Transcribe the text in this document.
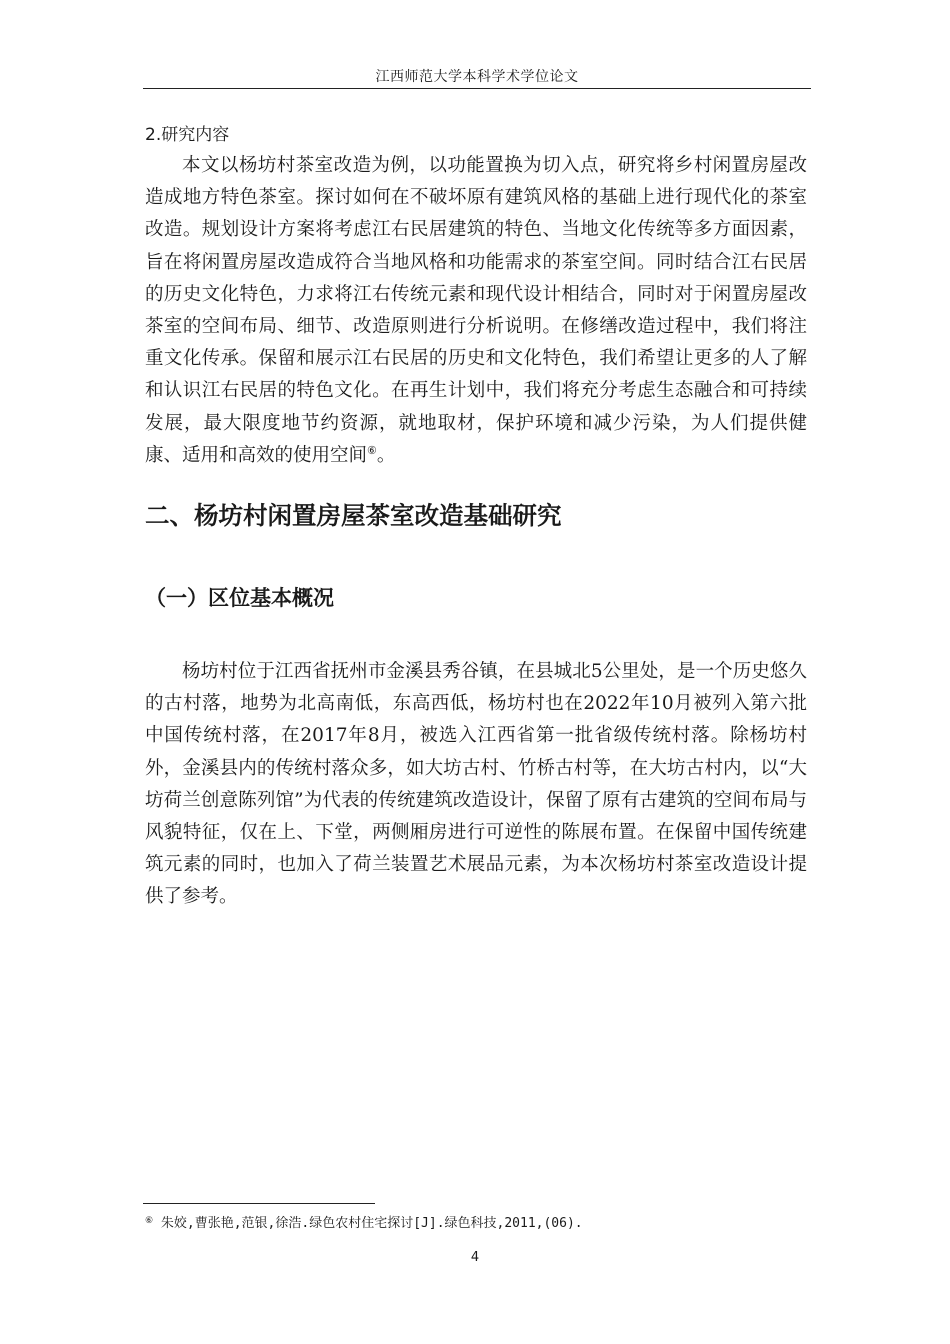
江西师范大学本科学术学位论文
2.研究内容

本文以杨坊村茶室改造为例，以功能置换为切入点，研究将乡村闲置房屋改造成地方特色茶室。探讨如何在不破坏原有建筑风格的基础上进行现代化的茶室改造。规划设计方案将考虑江右民居建筑的特色、当地文化传统等多方面因素，旨在将闲置房屋改造成符合当地风格和功能需求的茶室空间。同时结合江右民居的历史文化特色，力求将江右传统元素和现代设计相结合，同时对于闲置房屋改茶室的空间布局、细节、改造原则进行分析说明。在修缮改造过程中，我们将注重文化传承。保留和展示江右民居的历史和文化特色，我们希望让更多的人了解和认识江右民居的特色文化。在再生计划中，我们将充分考虑生态融合和可持续发展，最大限度地节约资源，就地取材，保护环境和减少污染，为人们提供健康、适用和高效的使用空间⑥。

二、杨坊村闲置房屋茶室改造基础研究
（一）区位基本概况

杨坊村位于江西省抚州市金溪县秀谷镇，在县城北5公里处，是一个历史悠久的古村落，地势为北高南低，东高西低，杨坊村也在2022年10月被列入第六批中国传统村落，在2017年8月，被选入江西省第一批省级传统村落。除杨坊村外，金溪县内的传统村落众多，如大坊古村、竹桥古村等，在大坊古村内，以“大坊荷兰创意陈列馆”为代表的传统建筑改造设计，保留了原有古建筑的空间布局与风貌特征，仅在上、下堂，两侧厢房进行可逆性的陈展布置。在保留中国传统建筑元素的同时，也加入了荷兰装置艺术展品元素，为本次杨坊村茶室改造设计提供了参考。

⑥ 朱姣,曹张艳,范银,徐浩.绿色农村住宅探讨[J].绿色科技,2011,(06).
4
